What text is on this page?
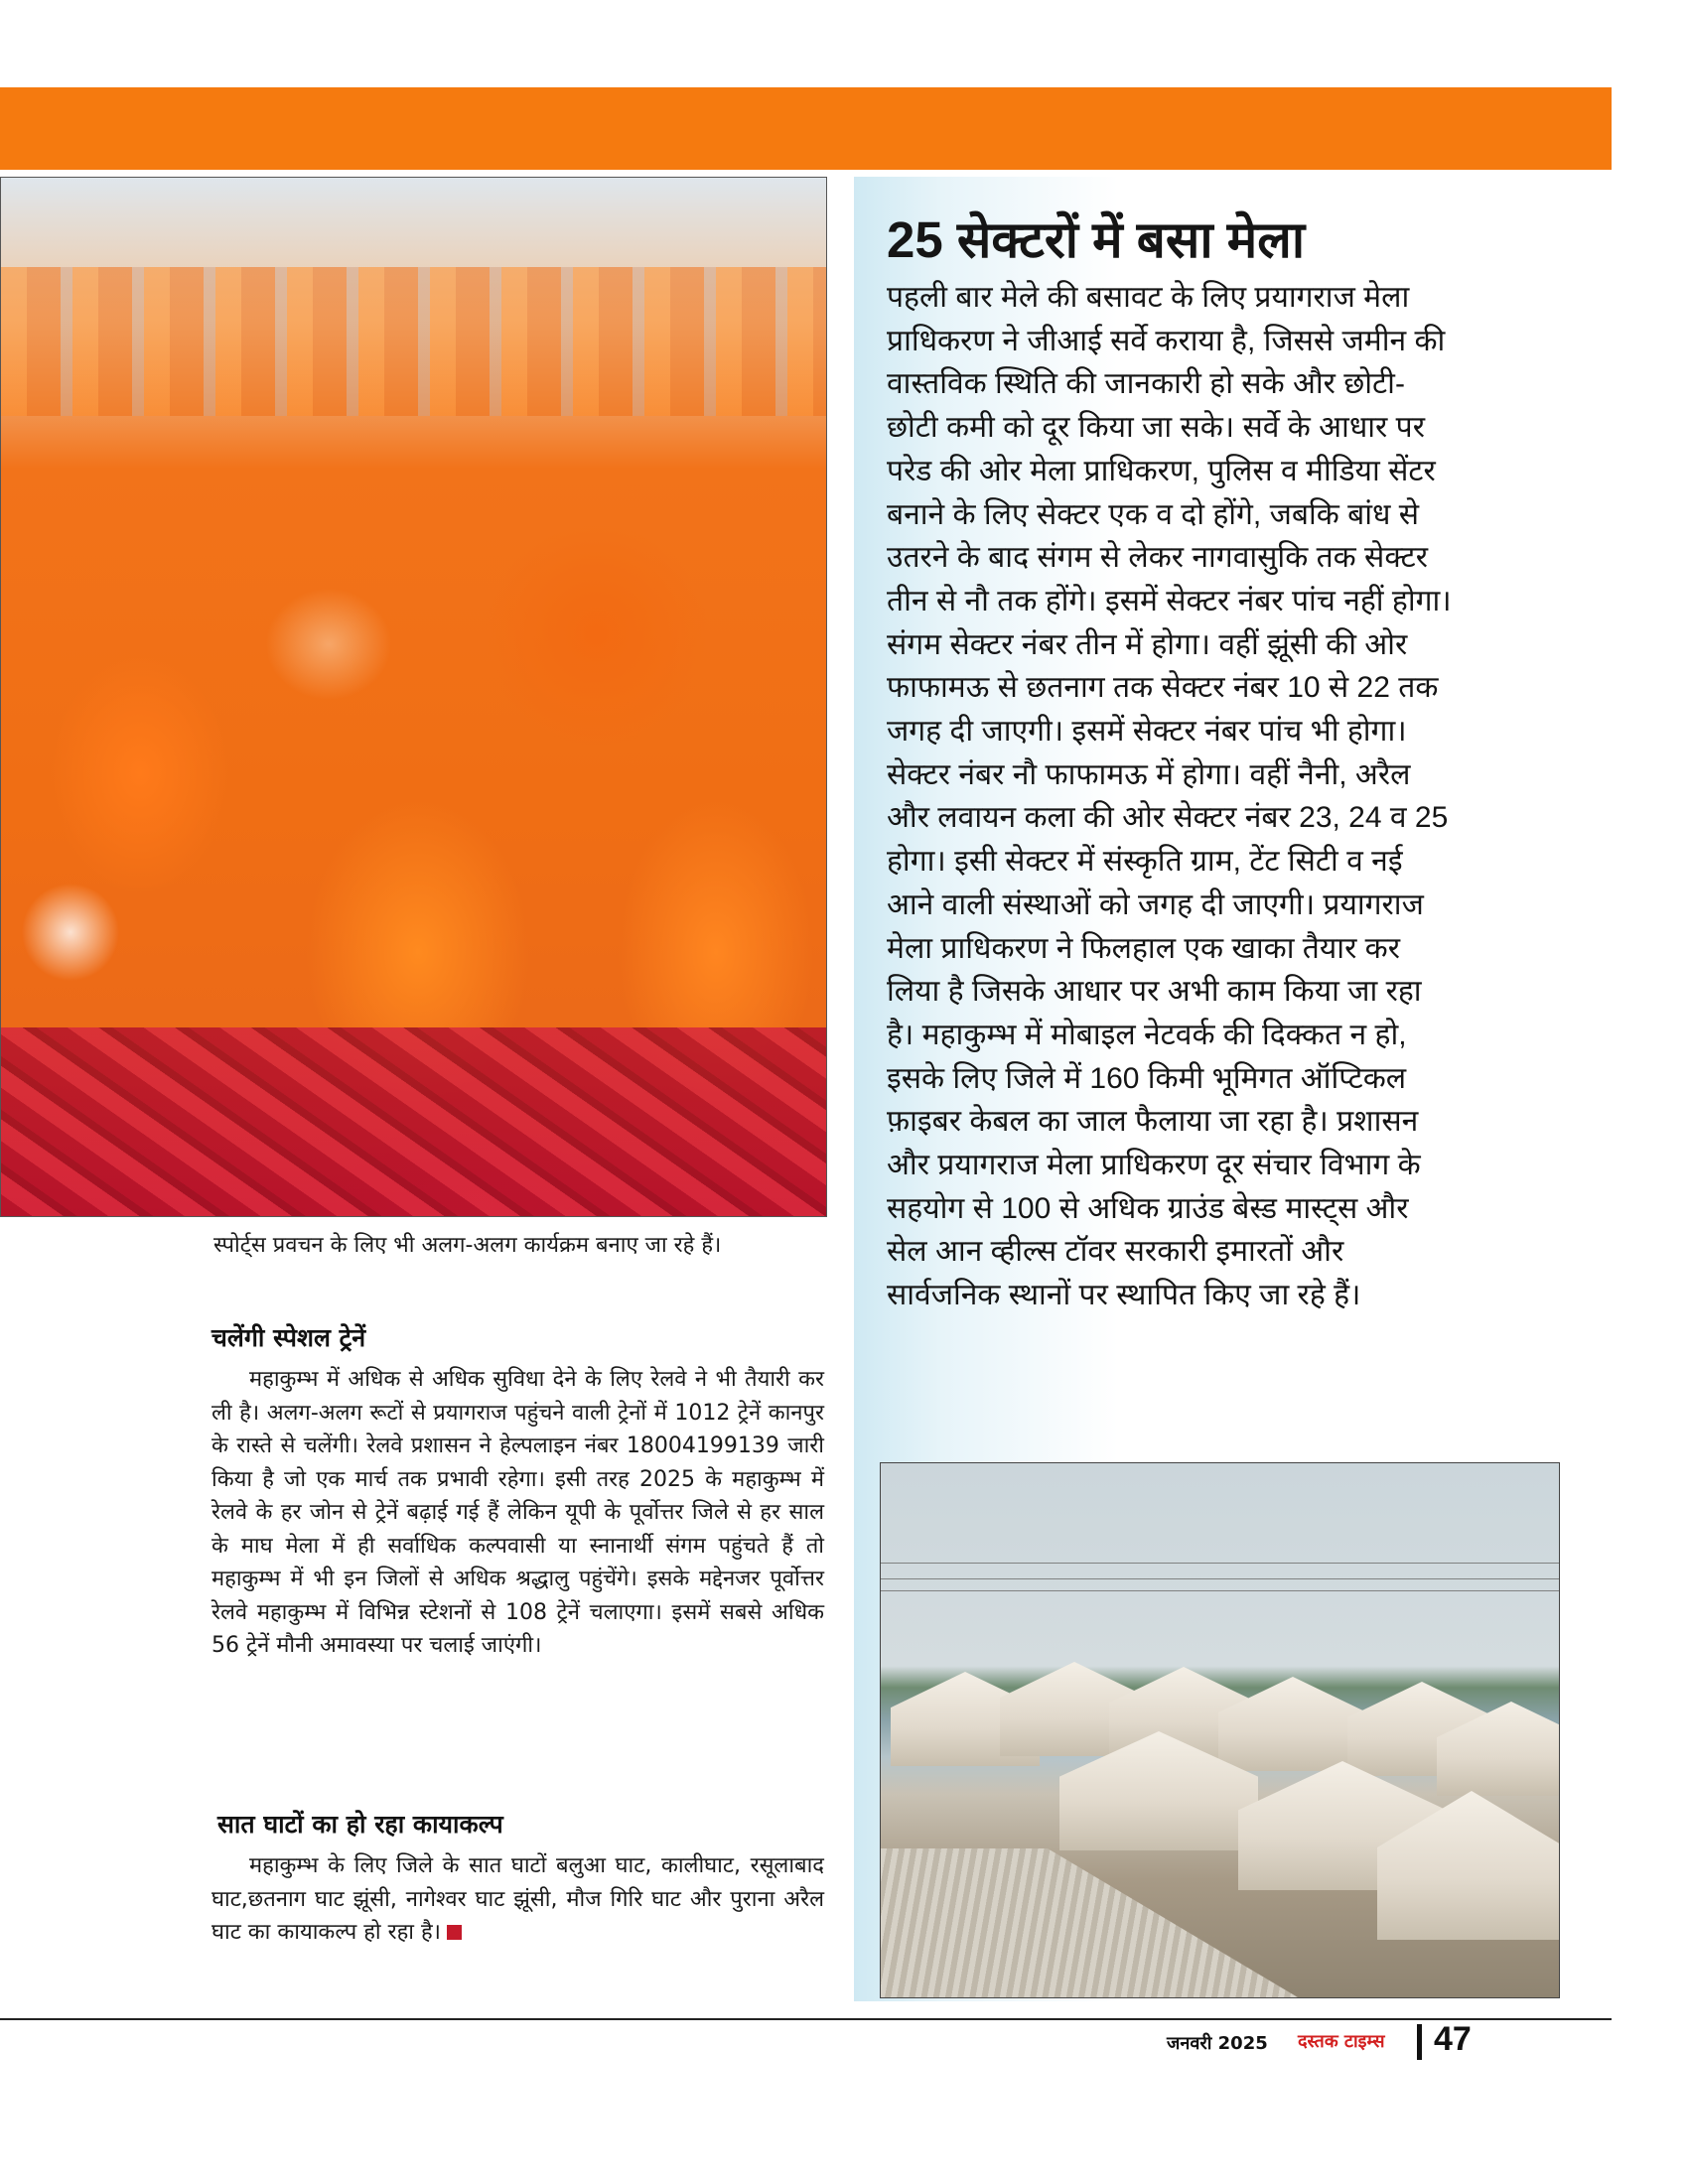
स्पोर्ट्स प्रवचन के लिए भी अलग-अलग कार्यक्रम बनाए जा रहे हैं।
चलेंगी स्पेशल ट्रेनें
महाकुम्भ में अधिक से अधिक सुविधा देने के लिए रेलवे ने भी तैयारी कर ली है। अलग-अलग रूटों से प्रयागराज पहुंचने वाली ट्रेनों में 1012 ट्रेनें कानपुर के रास्ते से चलेंगी। रेलवे प्रशासन ने हेल्पलाइन नंबर 18004199139 जारी किया है जो एक मार्च तक प्रभावी रहेगा। इसी तरह 2025 के महाकुम्भ में रेलवे के हर जोन से ट्रेनें बढ़ाई गई हैं लेकिन यूपी के पूर्वोत्तर जिले से हर साल के माघ मेला में ही सर्वाधिक कल्पवासी या स्नानार्थी संगम पहुंचते हैं तो महाकुम्भ में भी इन जिलों से अधिक श्रद्धालु पहुंचेंगे। इसके मद्देनजर पूर्वोत्तर रेलवे महाकुम्भ में विभिन्न स्टेशनों से 108 ट्रेनें चलाएगा। इसमें सबसे अधिक 56 ट्रेनें मौनी अमावस्या पर चलाई जाएंगी।
सात घाटों का हो रहा कायाकल्प
महाकुम्भ के लिए जिले के सात घाटों बलुआ घाट, कालीघाट, रसूलाबाद घाट,छतनाग घाट झूंसी, नागेश्वर घाट झूंसी, मौज गिरि घाट और पुराना अरैल घाट का कायाकल्प हो रहा है।
25 सेक्टरों में बसा मेला
पहली बार मेले की बसावट के लिए प्रयागराज मेला प्राधिकरण ने जीआई सर्वे कराया है, जिससे जमीन की वास्तविक स्थिति की जानकारी हो सके और छोटी-छोटी कमी को दूर किया जा सके। सर्वे के आधार पर परेड की ओर मेला प्राधिकरण, पुलिस व मीडिया सेंटर बनाने के लिए सेक्टर एक व दो होंगे, जबकि बांध से उतरने के बाद संगम से लेकर नागवासुकि तक सेक्टर तीन से नौ तक होंगे। इसमें सेक्टर नंबर पांच नहीं होगा। संगम सेक्टर नंबर तीन में होगा। वहीं झूंसी की ओर फाफामऊ से छतनाग तक सेक्टर नंबर 10 से 22 तक जगह दी जाएगी। इसमें सेक्टर नंबर पांच भी होगा। सेक्टर नंबर नौ फाफामऊ में होगा। वहीं नैनी, अरैल और लवायन कला की ओर सेक्टर नंबर 23, 24 व 25 होगा। इसी सेक्टर में संस्कृति ग्राम, टेंट सिटी व नई आने वाली संस्थाओं को जगह दी जाएगी। प्रयागराज मेला प्राधिकरण ने फिलहाल एक खाका तैयार कर लिया है जिसके आधार पर अभी काम किया जा रहा है। महाकुम्भ में मोबाइल नेटवर्क की दिक्कत न हो, इसके लिए जिले में 160 किमी भूमिगत ऑप्टिकल फ़ाइबर केबल का जाल फैलाया जा रहा है। प्रशासन और प्रयागराज मेला प्राधिकरण दूर संचार विभाग के सहयोग से 100 से अधिक ग्राउंड बेस्ड मास्ट्स और सेल आन व्हील्स टॉवर सरकारी इमारतों और सार्वजनिक स्थानों पर स्थापित किए जा रहे हैं।
जनवरी 2025 दस्तक टाइम्स 47
